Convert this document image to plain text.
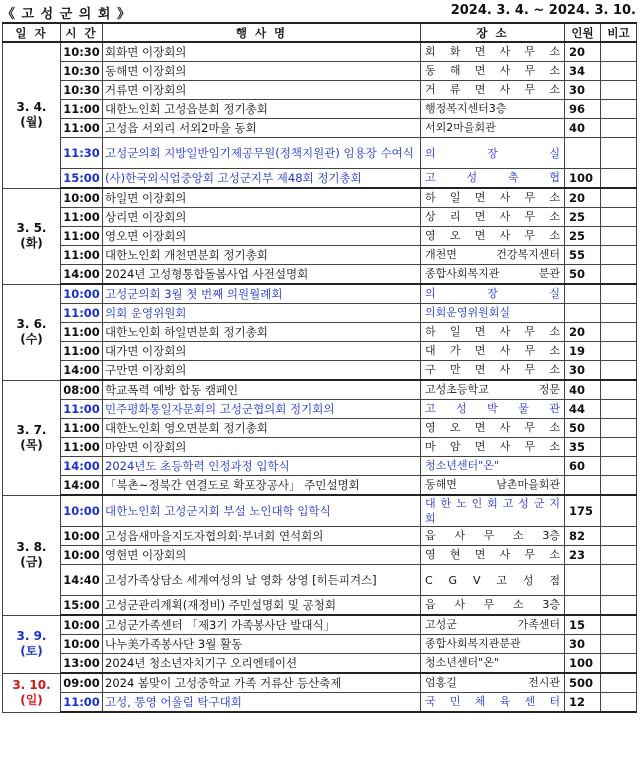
《 고 성 군 의 회 》	2024. 3. 4. ~ 2024. 3. 10.
일 자	시 간	행 사 명	장 소	인원	비고

3. 4.
(월)	10:30	회화면 이장회의	회 화 면 사 무 소	20	
	10:30	동해면 이장회의	동 해 면 사 무 소	34	
	10:30	거류면 이장회의	거 류 면 사 무 소	30	
	11:00	대한노인회 고성읍분회 정기총회	행정복지센터3층	96	
	11:00	고성읍 서외리 서외2마을 동회	서외2마을회관	40	
	11:30	고성군의회 지방일반임기제공무원(정책지원관) 임용장 수여식	의 장 실		
	15:00	(사)한국외식업중앙회 고성군지부 제48회 정기총회	고 성 축 협	100	

3. 5.
(화)	10:00	하일면 이장회의	하 일 면 사 무 소	20	
	11:00	상리면 이장회의	상 리 면 사 무 소	25	
	11:00	영오면 이장회의	영 오 면 사 무 소	25	
	11:00	대한노인회 개천면분회 정기총회	개천면 건강복지센터	55	
	14:00	2024년 고성형통합돌봄사업 사전설명회	종합사회복지관 분관	50	

3. 6.
(수)	10:00	고성군의회 3월 첫 번째 의원월례회	의 장 실		
	11:00	의회 운영위원회	의회운영위원회실		
	11:00	대한노인회 하일면분회 정기총회	하 일 면 사 무 소	20	
	11:00	대가면 이장회의	대 가 면 사 무 소	19	
	14:00	구만면 이장회의	구 만 면 사 무 소	30	

3. 7.
(목)	08:00	학교폭력 예방 합동 캠페인	고성초등학교 정문	40	
	11:00	민주평화통일자문회의 고성군협의회 정기회의	고 성 박 물 관	44	
	11:00	대한노인회 영오면분회 정기총회	영 오 면 사 무 소	50	
	11:00	마암면 이장회의	마 암 면 사 무 소	35	
	14:00	2024년도 초등학력 인정과정 입학식	청소년센터"온"	60	
	14:00	「북촌~정북간 연결도로 확포장공사」 주민설명회	동해면 남촌마을회관		

3. 8.
(금)	10:00	대한노인회 고성군지회 부설 노인대학 입학식	대 한 노 인 회 고 성 군 지 회	175	
	10:00	고성읍새마을지도자협의회·부녀회 연석회의	읍 사 무 소 3층	82	
	10:00	영현면 이장회의	영 현 면 사 무 소	23	
	14:40	고성가족상담소 세계여성의 날 영화 상영 [히든피겨스]	C G V 고 성 점		
	15:00	고성군관리계획(재정비) 주민설명회 및 공청회	읍 사 무 소 3층		

3. 9.
(토)	10:00	고성군가족센터 「제3기 가족봉사단 발대식」	고성군 가족센터	15	
	10:00	나누美가족봉사단 3월 활동	종합사회복지관분관	30	
	13:00	2024년 청소년자치기구 오리엔테이션	청소년센터"온"	100	

3. 10.
(일)	09:00	2024 봄맞이 고성중학교 가족 거류산 등산축제	엄홍길 전시관	500	
	11:00	고성, 통영 어울림 탁구대회	국 민 체 육 센 터	12	
